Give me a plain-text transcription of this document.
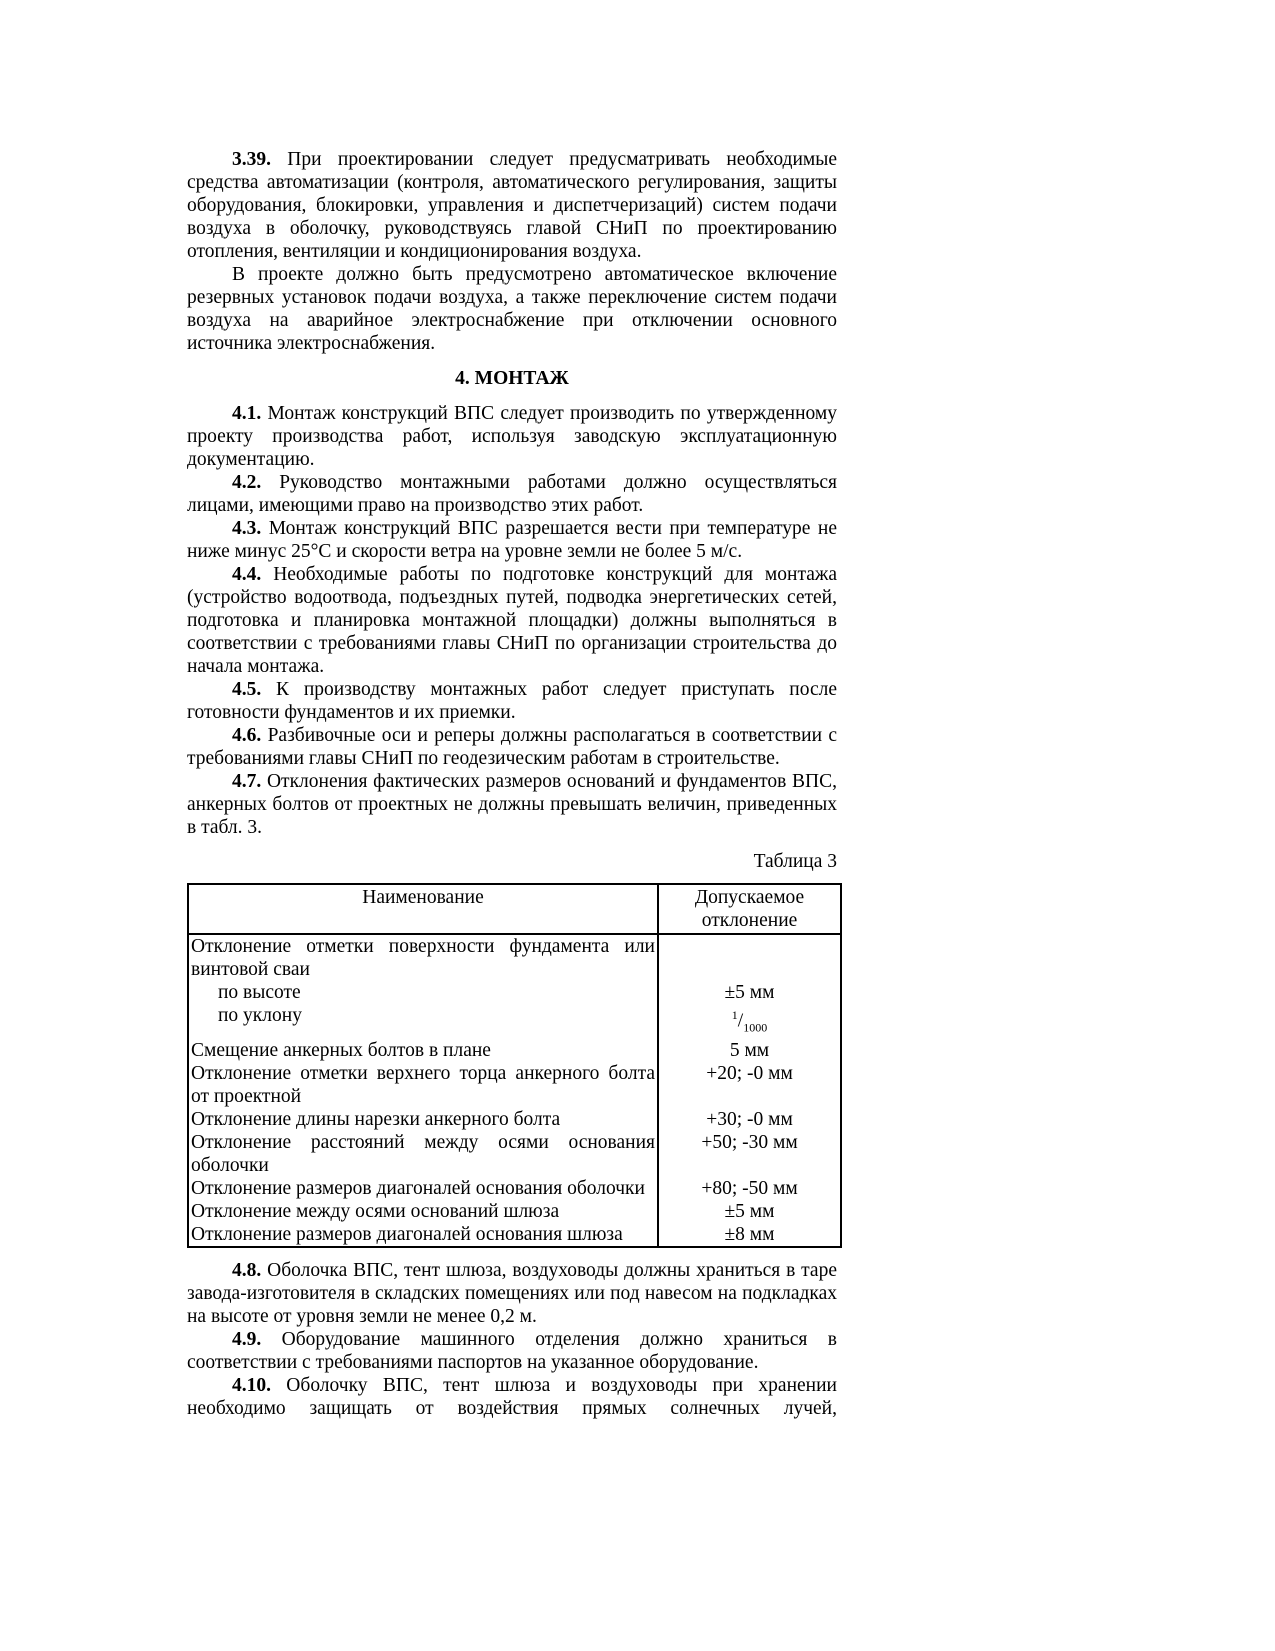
3.39. При проектировании следует предусматривать необходимые средства автоматизации (контроля, автоматического регулирования, защиты оборудования, блокировки, управления и диспетчеризаций) систем подачи воздуха в оболочку, руководствуясь главой СНиП по проектированию отопления, вентиляции и кондиционирования воздуха.

В проекте должно быть предусмотрено автоматическое включение резервных установок подачи воздуха, а также переключение систем подачи воздуха на аварийное электроснабжение при отключении основного источника электроснабжения.

4. МОНТАЖ

4.1. Монтаж конструкций ВПС следует производить по утвержденному проекту производства работ, используя заводскую эксплуатационную документацию.

4.2. Руководство монтажными работами должно осуществляться лицами, имеющими право на производство этих работ.

4.3. Монтаж конструкций ВПС разрешается вести при температуре не ниже минус 25°С и скорости ветра на уровне земли не более 5 м/с.

4.4. Необходимые работы по подготовке конструкций для монтажа (устройство водоотвода, подъездных путей, подводка энергетических сетей, подготовка и планировка монтажной площадки) должны выполняться в соответствии с требованиями главы СНиП по организации строительства до начала монтажа.

4.5. К производству монтажных работ следует приступать после готовности фундаментов и их приемки.

4.6. Разбивочные оси и реперы должны располагаться в соответствии с требованиями главы СНиП по геодезическим работам в строительстве.

4.7. Отклонения фактических размеров оснований и фундаментов ВПС, анкерных болтов от проектных не должны превышать величин, приведенных в табл. 3.

Таблица 3
Наименование	Допускаемое отклонение
Отклонение отметки поверхности фундамента или винтовой сваи	
по высоте	±5 мм
по уклону	$^1/_{1000}$
Смещение анкерных болтов в плане	5 мм
Отклонение отметки верхнего торца анкерного болта от проектной	+20; -0 мм
Отклонение длины нарезки анкерного болта	+30; -0 мм
Отклонение расстояний между осями основания оболочки	+50; -30 мм
Отклонение размеров диагоналей основания оболочки	+80; -50 мм
Отклонение между осями оснований шлюза	±5 мм
Отклонение размеров диагоналей основания шлюза	±8 мм

4.8. Оболочка ВПС, тент шлюза, воздуховоды должны храниться в таре завода-изготовителя в складских помещениях или под навесом на подкладках на высоте от уровня земли не менее 0,2 м.

4.9. Оборудование машинного отделения должно храниться в соответствии с требованиями паспортов на указанное оборудование.

4.10. Оболочку ВПС, тент шлюза и воздуховоды при хранении необходимо защищать от воздействия прямых солнечных лучей,
